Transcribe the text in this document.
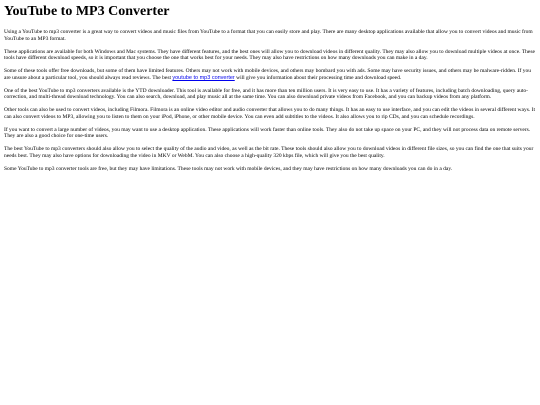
YouTube to MP3 Converter

Using a YouTube to mp3 converter is a great way to convert videos and music files from YouTube to a format that you can easily store and play. There are many desktop applications available that allow you to convert videos and music from YouTube to an MP3 format.

These applications are available for both Windows and Mac systems. They have different features, and the best ones will allow you to download videos in different quality. They may also allow you to download multiple videos at once. These tools have different download speeds, so it is important that you choose the one that works best for your needs. They may also have restrictions on how many downloads you can make in a day.

Some of these tools offer free downloads, but some of them have limited features. Others may not work with mobile devices, and others may bombard you with ads. Some may have security issues, and others may be malware-ridden. If you are unsure about a particular tool, you should always read reviews. The best youtube to mp3 converter will give you information about their processing time and download speed.

One of the best YouTube to mp3 converters available is the YTD downloader. This tool is available for free, and it has more than ten million users. It is very easy to use. It has a variety of features, including batch downloading, query auto-correction, and multi-thread download technology. You can also search, download, and play music all at the same time. You can also download private videos from Facebook, and you can backup videos from any platform.

Other tools can also be used to convert videos, including Filmora. Filmora is an online video editor and audio converter that allows you to do many things. It has an easy to use interface, and you can edit the videos in several different ways. It can also convert videos to MP3, allowing you to listen to them on your iPod, iPhone, or other mobile device. You can even add subtitles to the videos. It also allows you to rip CDs, and you can schedule recordings.

If you want to convert a large number of videos, you may want to use a desktop application. These applications will work faster than online tools. They also do not take up space on your PC, and they will not process data on remote servers. They are also a good choice for one-time users.

The best YouTube to mp3 converters should also allow you to select the quality of the audio and video, as well as the bit rate. These tools should also allow you to download videos in different file sizes, so you can find the one that suits your needs best. They may also have options for downloading the video in MKV or WebM. You can also choose a high-quality 320 kbps file, which will give you the best quality.

Some YouTube to mp3 converter tools are free, but they may have limitations. These tools may not work with mobile devices, and they may have restrictions on how many downloads you can do in a day.
